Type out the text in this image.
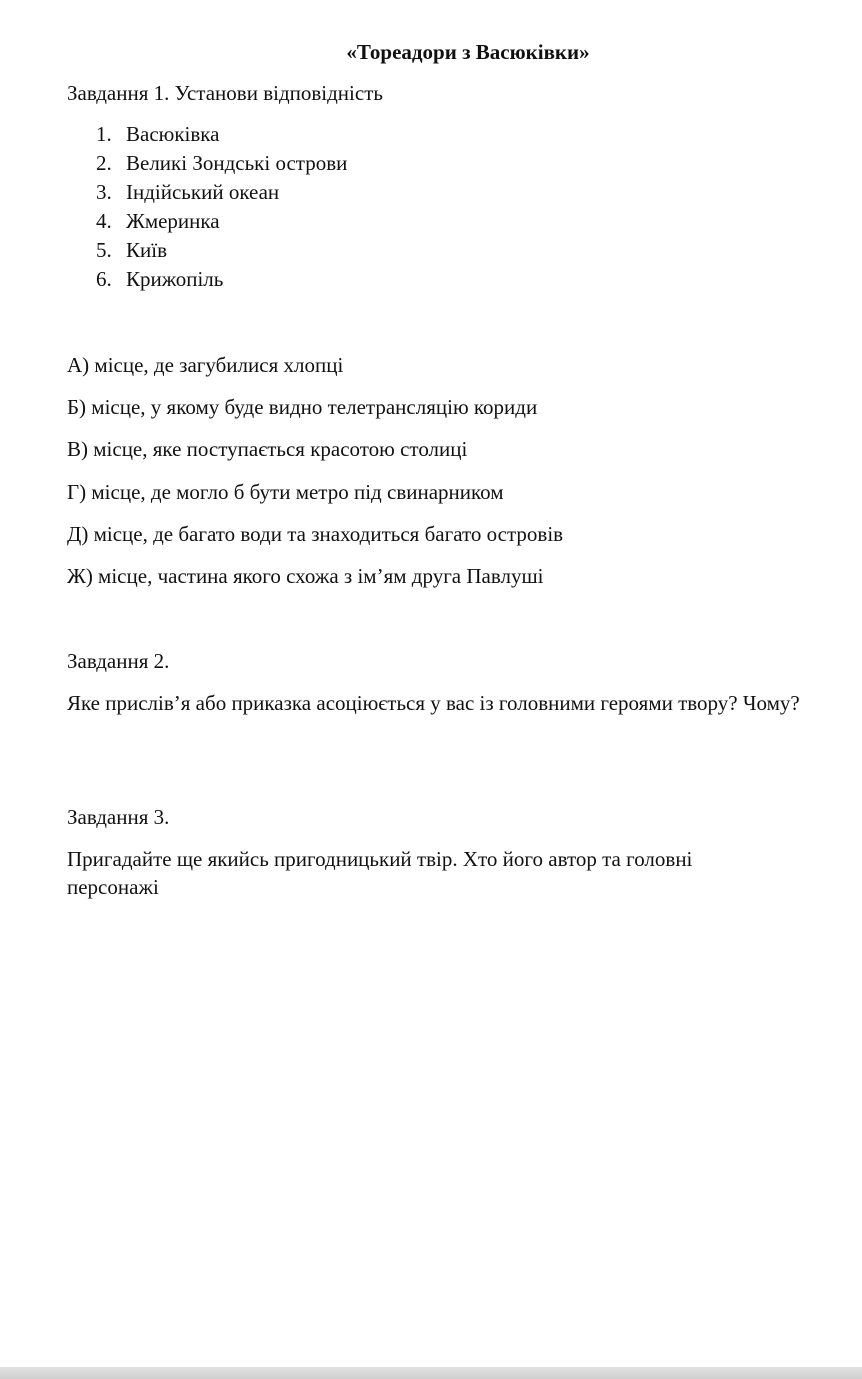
«Тореадори з Васюківки»
Завдання 1. Установи відповідність
1. Васюківка
2. Великі Зондські острови
3. Індійський океан
4. Жмеринка
5. Київ
6. Крижопіль
А) місце, де загубилися хлопці
Б) місце, у якому буде видно телетрансляцію кориди
В) місце, яке поступається красотою столиці
Г) місце, де могло б бути метро під свинарником
Д) місце, де багато води та знаходиться багато островів
Ж) місце, частина якого схожа з ім’ям друга Павлуші
Завдання 2.
Яке прислів’я або приказка асоціюється у вас із головними героями твору? Чому?
Завдання 3.
Пригадайте ще якийсь пригодницький твір. Хто його автор та головні персонажі
